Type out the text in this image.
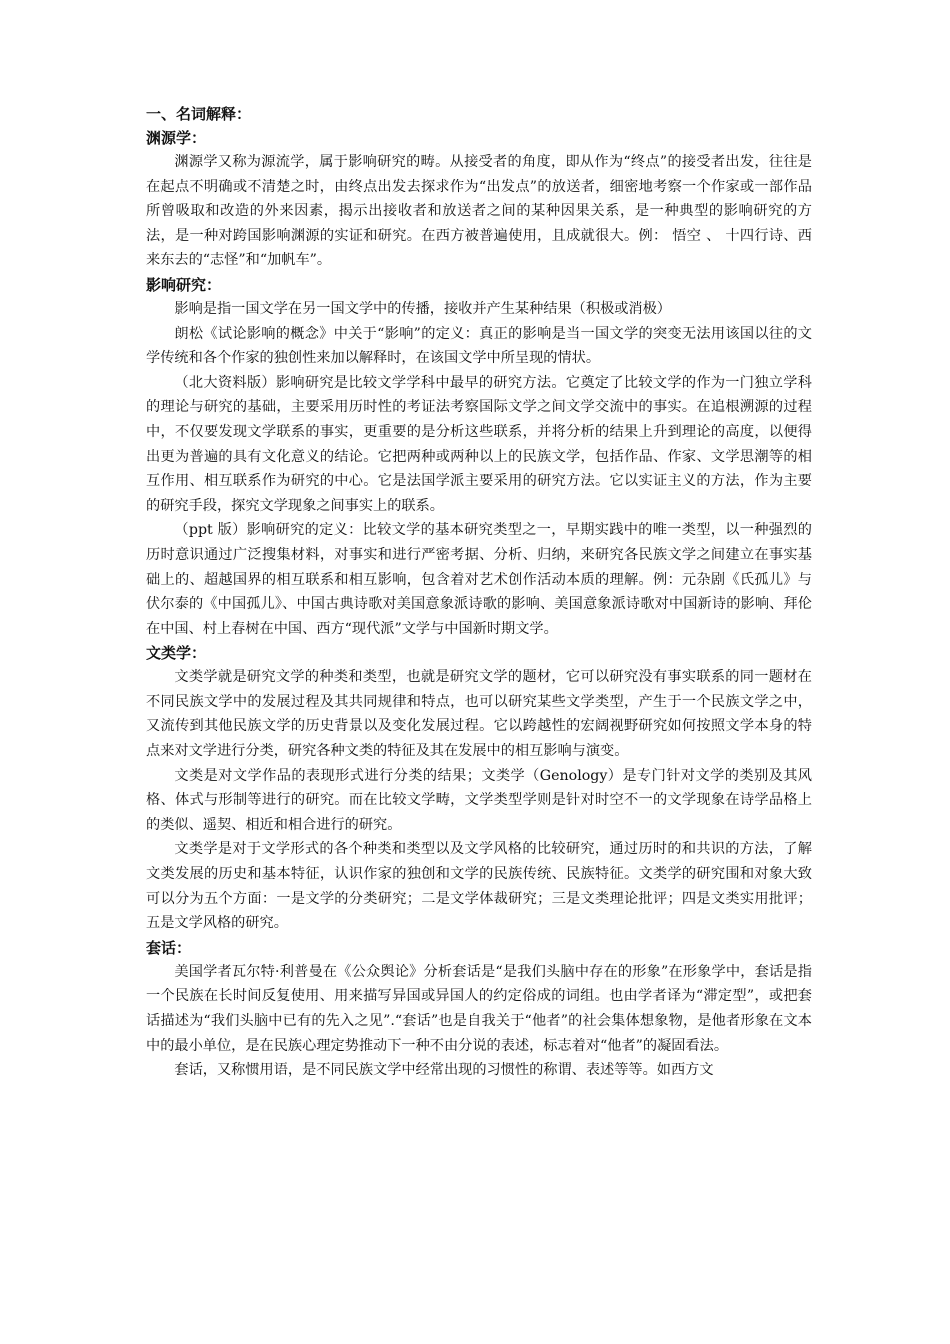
一、名词解释：
渊源学：

渊源学又称为源流学，属于影响研究的畴。从接受者的角度，即从作为“终点”的接受者出发，往往是在起点不明确或不清楚之时，由终点出发去探求作为“出发点”的放送者，细密地考察一个作家或一部作品所曾吸取和改造的外来因素，揭示出接收者和放送者之间的某种因果关系，是一种典型的影响研究的方法，是一种对跨国影响渊源的实证和研究。在西方被普遍使用，且成就很大。例： 悟空 、 十四行诗、西来东去的“志怪”和“加帆车”。

影响研究：

影响是指一国文学在另一国文学中的传播，接收并产生某种结果（积极或消极）

朗松《试论影响的概念》中关于“影响”的定义：真正的影响是当一国文学的突变无法用该国以往的文学传统和各个作家的独创性来加以解释时，在该国文学中所呈现的情状。

（北大资料版）影响研究是比较文学学科中最早的研究方法。它奠定了比较文学的作为一门独立学科的理论与研究的基础，主要采用历时性的考证法考察国际文学之间文学交流中的事实。在追根溯源的过程中，不仅要发现文学联系的事实，更重要的是分析这些联系，并将分析的结果上升到理论的高度，以便得出更为普遍的具有文化意义的结论。它把两种或两种以上的民族文学，包括作品、作家、文学思潮等的相互作用、相互联系作为研究的中心。它是法国学派主要采用的研究方法。它以实证主义的方法，作为主要的研究手段，探究文学现象之间事实上的联系。

（ppt 版）影响研究的定义：比较文学的基本研究类型之一，早期实践中的唯一类型，以一种强烈的历时意识通过广泛搜集材料，对事实和进行严密考据、分析、归纳，来研究各民族文学之间建立在事实基础上的、超越国界的相互联系和相互影响，包含着对艺术创作活动本质的理解。例：元杂剧《氏孤儿》与伏尔泰的《中国孤儿》、中国古典诗歌对美国意象派诗歌的影响、美国意象派诗歌对中国新诗的影响、拜伦在中国、村上春树在中国、西方“现代派”文学与中国新时期文学。

文类学：

文类学就是研究文学的种类和类型，也就是研究文学的题材，它可以研究没有事实联系的同一题材在不同民族文学中的发展过程及其共同规律和特点，也可以研究某些文学类型，产生于一个民族文学之中，又流传到其他民族文学的历史背景以及变化发展过程。它以跨越性的宏阔视野研究如何按照文学本身的特点来对文学进行分类，研究各种文类的特征及其在发展中的相互影响与演变。

文类是对文学作品的表现形式进行分类的结果；文类学（Genology）是专门针对文学的类别及其风格、体式与形制等进行的研究。而在比较文学畴，文学类型学则是针对时空不一的文学现象在诗学品格上的类似、遥契、相近和相合进行的研究。

文类学是对于文学形式的各个种类和类型以及文学风格的比较研究，通过历时的和共识的方法，了解文类发展的历史和基本特征，认识作家的独创和文学的民族传统、民族特征。文类学的研究围和对象大致可以分为五个方面：一是文学的分类研究；二是文学体裁研究；三是文类理论批评；四是文类实用批评；五是文学风格的研究。

套话：

美国学者瓦尔特·利普曼在《公众舆论》分析套话是“是我们头脑中存在的形象”在形象学中，套话是指一个民族在长时间反复使用、用来描写异国或异国人的约定俗成的词组。也由学者译为“滞定型”，或把套话描述为“我们头脑中已有的先入之见”.“套话”也是自我关于“他者”的社会集体想象物，是他者形象在文本中的最小单位，是在民族心理定势推动下一种不由分说的表述，标志着对“他者”的凝固看法。

套话，又称惯用语，是不同民族文学中经常出现的习惯性的称谓、表述等等。如西方文
